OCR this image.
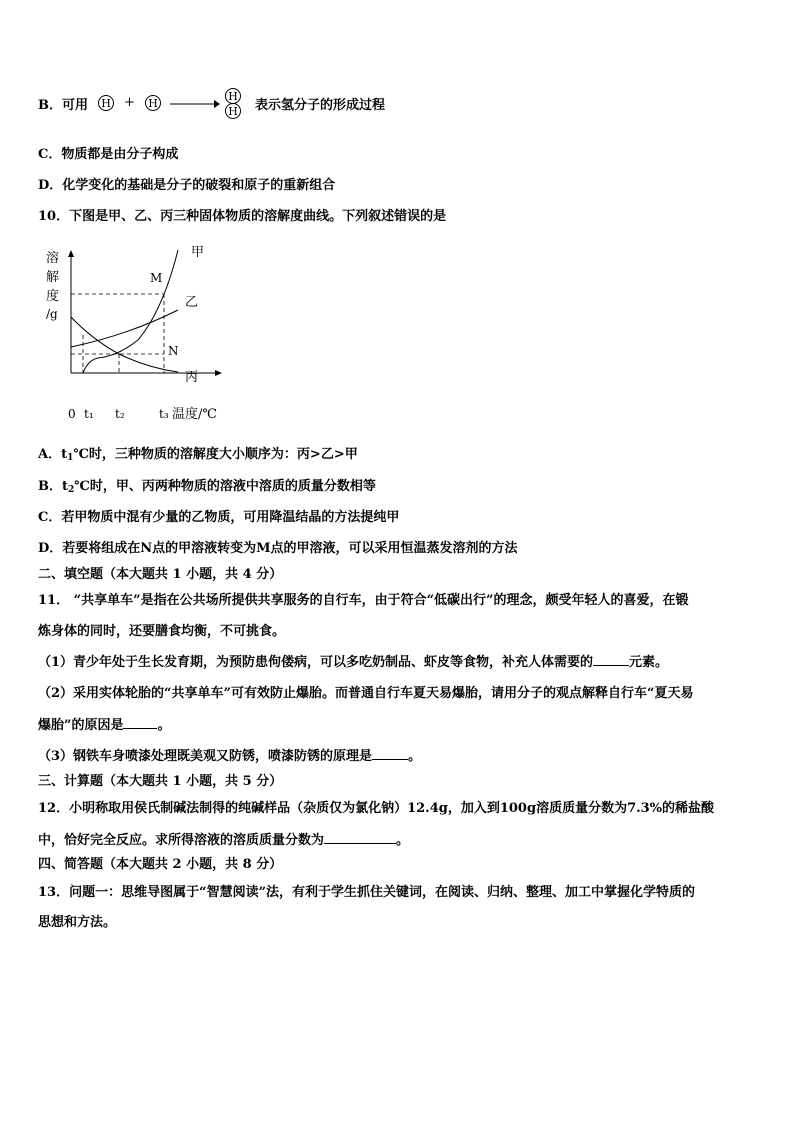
B．可用 H + H →
H
H 表示氢分子的形成过程
C．物质都是由分子构成
D．化学变化的基础是分子的破裂和原子的重新组合
10．下图是甲、乙、丙三种固体物质的溶解度曲线。下列叙述错误的是
溶
解
度
/g
甲
乙
丙
M
N
0 t₁ t₂	t₃ 温度/℃
A．$t_1℃$时，三种物质的溶解度大小顺序为：丙>乙>甲
B．$t_2℃$时，甲、丙两种物质的溶液中溶质的质量分数相等
C．若甲物质中混有少量的乙物质，可用降温结晶的方法提纯甲
D．若要将组成在N点的甲溶液转变为M点的甲溶液，可以采用恒温蒸发溶剂的方法
二、填空题（本大题共 1 小题，共 4 分）
11． “共享单车”是指在公共场所提供共享服务的自行车，由于符合“低碳出行”的理念，颇受年轻人的喜爱，在锻
炼身体的同时，还要膳食均衡，不可挑食。
（1）青少年处于生长发育期，为预防患佝偻病，可以多吃奶制品、虾皮等食物，补充人体需要的	元素。
（2）采用实体轮胎的“共享单车”可有效防止爆胎。而普通自行车夏天易爆胎，请用分子的观点解释自行车“夏天易
爆胎”的原因是	。
（3）钢铁车身喷漆处理既美观又防锈，喷漆防锈的原理是	。
三、计算题（本大题共 1 小题，共 5 分）
12．小明称取用侯氏制碱法制得的纯碱样品（杂质仅为氯化钠）12.4g，加入到100g溶质质量分数为7.3%的稀盐酸
中，恰好完全反应。求所得溶液的溶质质量分数为	。
四、简答题（本大题共 2 小题，共 8 分）
13．问题一：思维导图属于“智慧阅读”法，有利于学生抓住关键词，在阅读、归纳、整理、加工中掌握化学特质的
思想和方法。
